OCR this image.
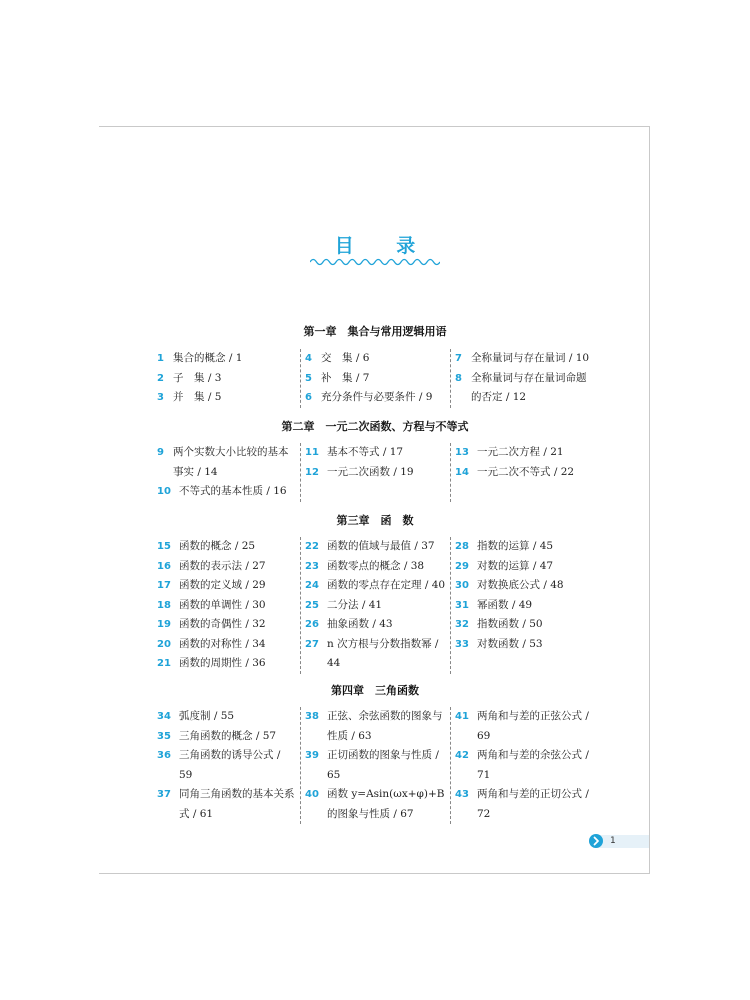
目 录
第一章　集合与常用逻辑用语
1 集合的概念 / 1
2 子　集 / 3
3 并　集 / 5
4 交　集 / 6
5 补　集 / 7
6 充分条件与必要条件 / 9
7 全称量词与存在量词 / 10
8 全称量词与存在量词命题的否定 / 12
第二章　一元二次函数、方程与不等式
9 两个实数大小比较的基本事实 / 14
10 不等式的基本性质 / 16
11 基本不等式 / 17
12 一元二次函数 / 19

13 一元二次方程 / 21
14 一元二次不等式 / 22

第三章　函　数
15 函数的概念 / 25
16 函数的表示法 / 27
17 函数的定义域 / 29
18 函数的单调性 / 30
19 函数的奇偶性 / 32
20 函数的对称性 / 34
21 函数的周期性 / 36
22 函数的值域与最值 / 37
23 函数零点的概念 / 38
24 函数的零点存在定理 / 40
25 二分法 / 41
26 抽象函数 / 43
27 n 次方根与分数指数幂 / 44
28 指数的运算 / 45
29 对数的运算 / 47
30 对数换底公式 / 48
31 幂函数 / 49
32 指数函数 / 50
33 对数函数 / 53

第四章　三角函数
34 弧度制 / 55
35 三角函数的概念 / 57
36 三角函数的诱导公式 / 59
37 同角三角函数的基本关系式 / 61
38 正弦、余弦函数的图象与性质 / 63
39 正切函数的图象与性质 / 65
40 函数 y=Asin(ωx+φ)+B 的图象与性质 / 67
41 两角和与差的正弦公式 / 69
42 两角和与差的余弦公式 / 71
43 两角和与差的正切公式 / 72
1
